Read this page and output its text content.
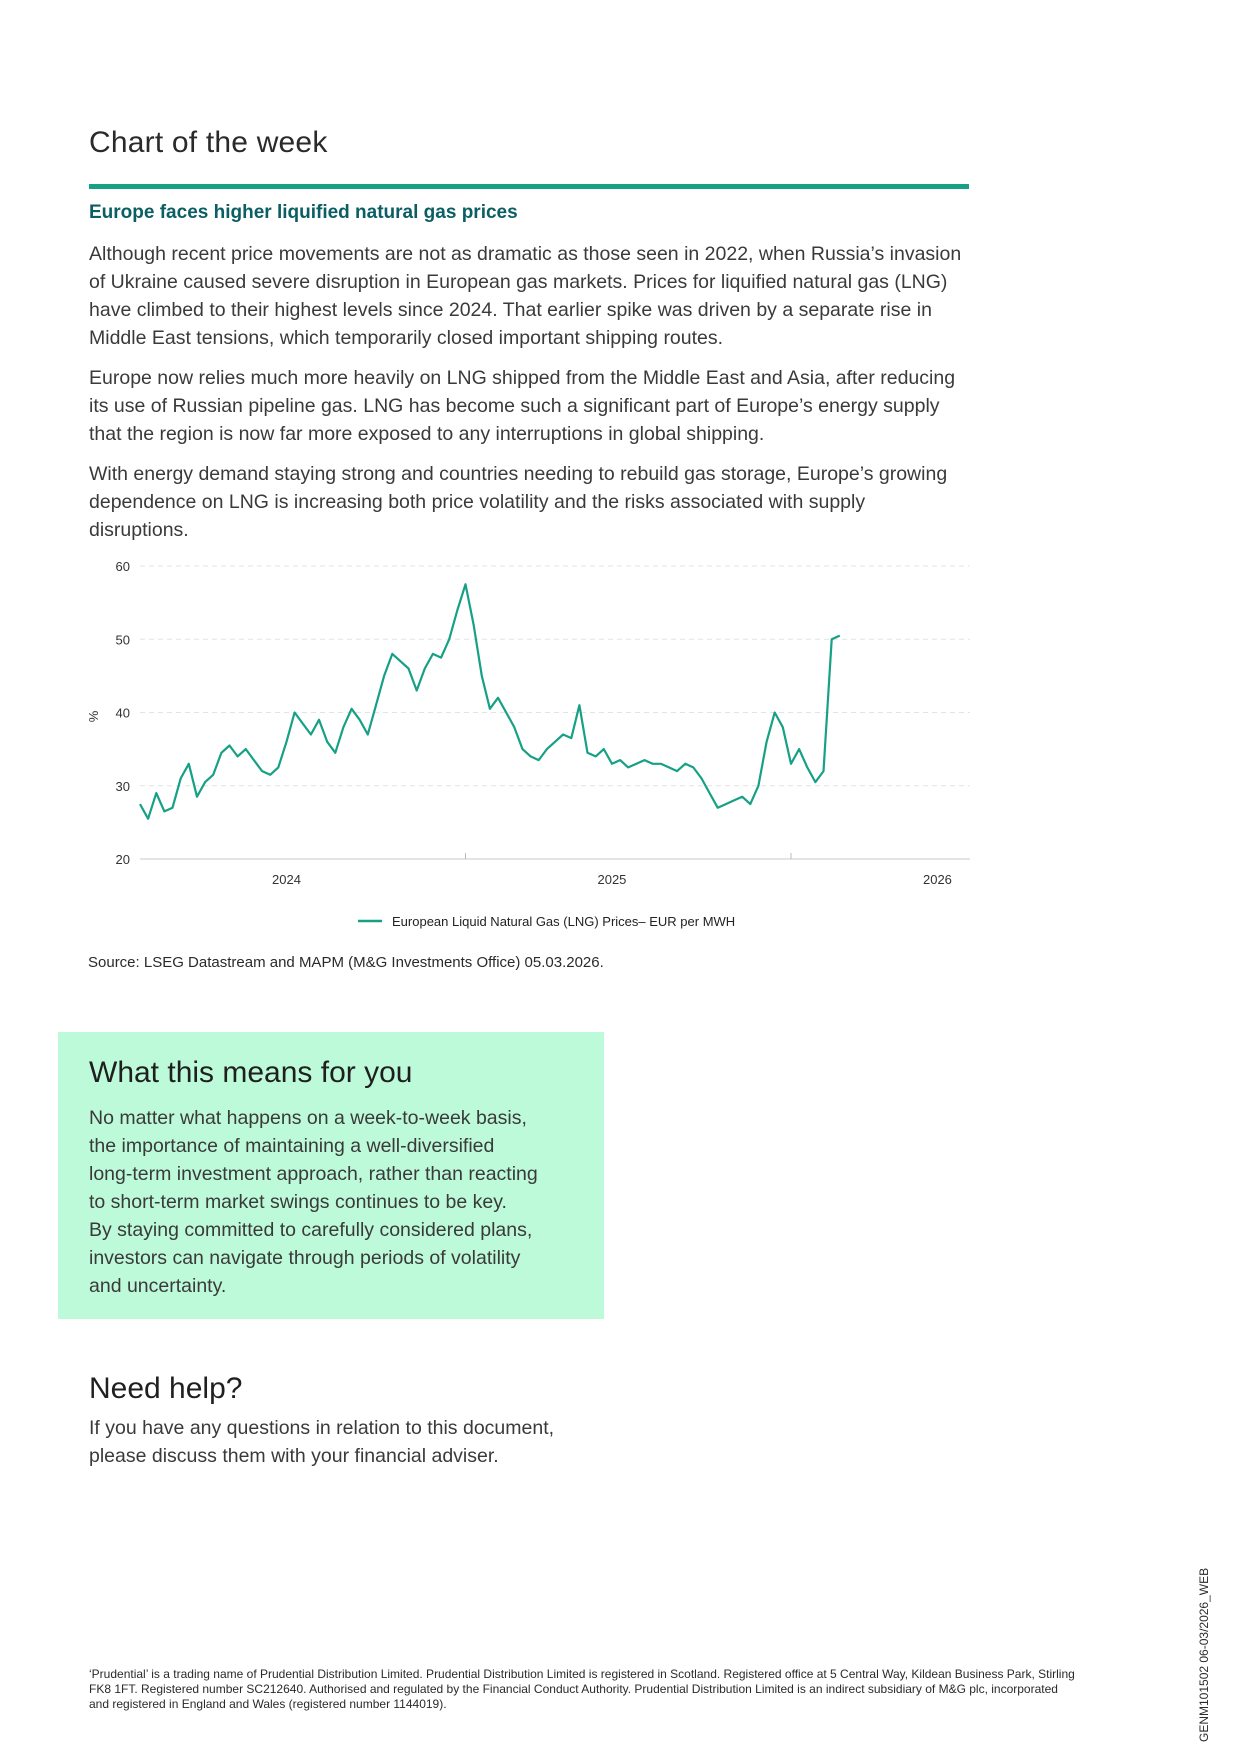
Chart of the week
Europe faces higher liquified natural gas prices

Although recent price movements are not as dramatic as those seen in 2022, when Russia’s invasion of Ukraine caused severe disruption in European gas markets. Prices for liquified natural gas (LNG) have climbed to their highest levels since 2024. That earlier spike was driven by a separate rise in Middle East tensions, which temporarily closed important shipping routes.

Europe now relies much more heavily on LNG shipped from the Middle East and Asia, after reducing its use of Russian pipeline gas. LNG has become such a significant part of Europe’s energy supply that the region is now far more exposed to any interruptions in global shipping.

With energy demand staying strong and countries needing to rebuild gas storage, Europe’s growing dependence on LNG is increasing both price volatility and the risks associated with supply disruptions.

20
30
40
50
60
2024	2025	2026
%
European Liquid Natural Gas (LNG) Prices– EUR per MWH
Source: LSEG Datastream and MAPM (M&G Investments Office) 05.03.2026.
What this means for you
No matter what happens on a week-to-week basis,
the importance of maintaining a well-diversified
long-term investment approach, rather than reacting
to short-term market swings continues to be key.
By staying committed to carefully considered plans,
investors can navigate through periods of volatility
and uncertainty.
Need help?
If you have any questions in relation to this document,
please discuss them with your financial adviser.
‘Prudential’ is a trading name of Prudential Distribution Limited. Prudential Distribution Limited is registered in Scotland. Registered office at 5 Central Way, Kildean Business Park, Stirling
FK8 1FT. Registered number SC212640. Authorised and regulated by the Financial Conduct Authority. Prudential Distribution Limited is an indirect subsidiary of M&G plc, incorporated
and registered in England and Wales (registered number 1144019).	GENM101502 06-03/2026_WEB
